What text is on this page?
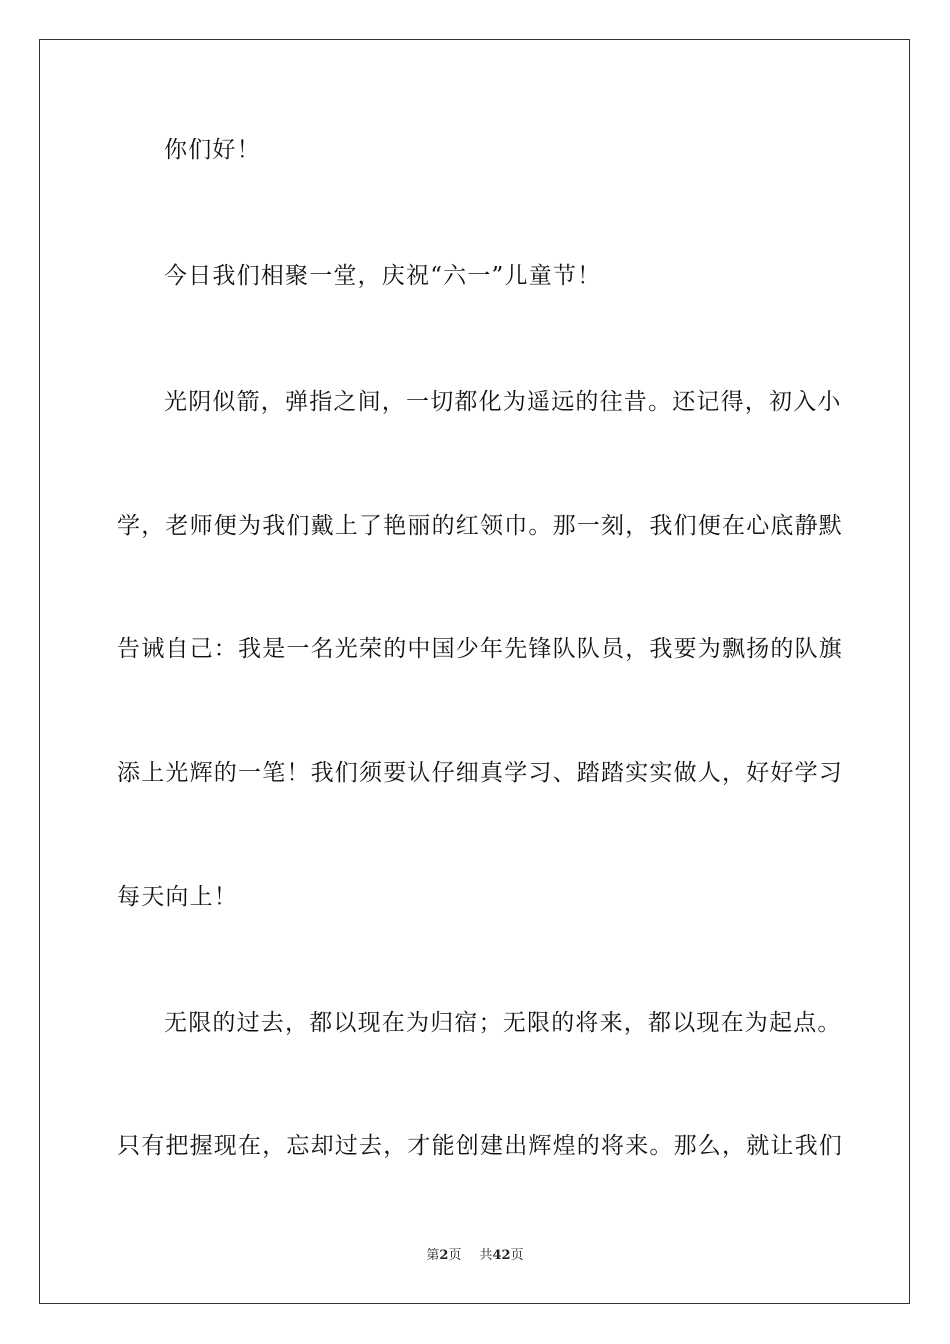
你们好！
今日我们相聚一堂，庆祝“六一”儿童节！
光阴似箭，弹指之间，一切都化为遥远的往昔。还记得，初入小
学，老师便为我们戴上了艳丽的红领巾。那一刻，我们便在心底静默
告诫自己：我是一名光荣的中国少年先锋队队员，我要为飘扬的队旗
添上光辉的一笔！我们须要认仔细真学习、踏踏实实做人，好好学习
每天向上！
无限的过去，都以现在为归宿；无限的将来，都以现在为起点。
只有把握现在，忘却过去，才能创建出辉煌的将来。那么，就让我们
第2页 共42页
